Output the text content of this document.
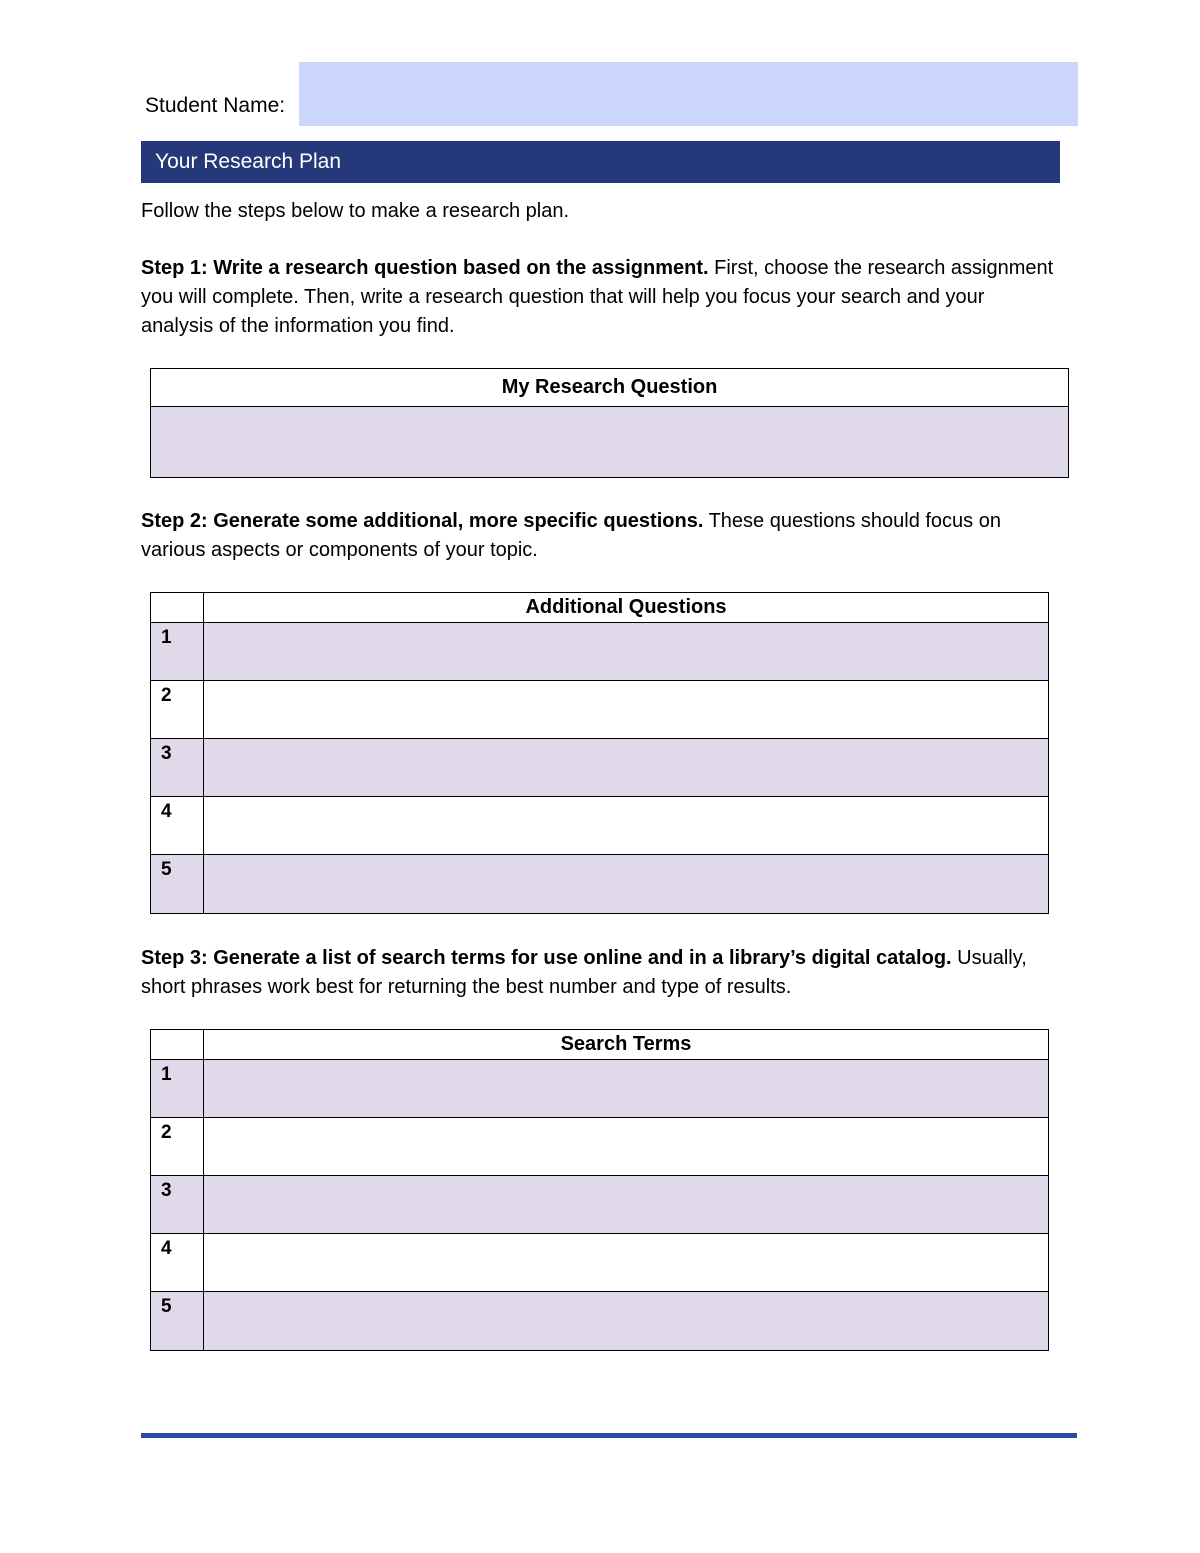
Student Name:
Your Research Plan
Follow the steps below to make a research plan.
Step 1: Write a research question based on the assignment. First, choose the research assignment you will complete. Then, write a research question that will help you focus your search and your analysis of the information you find.
My Research Question

Step 2: Generate some additional, more specific questions. These questions should focus on various aspects or components of your topic.
	Additional Questions
1	
2	
3	
4	
5	
Step 3: Generate a list of search terms for use online and in a library’s digital catalog. Usually, short phrases work best for returning the best number and type of results.
	Search Terms
1	
2	
3	
4	
5	
